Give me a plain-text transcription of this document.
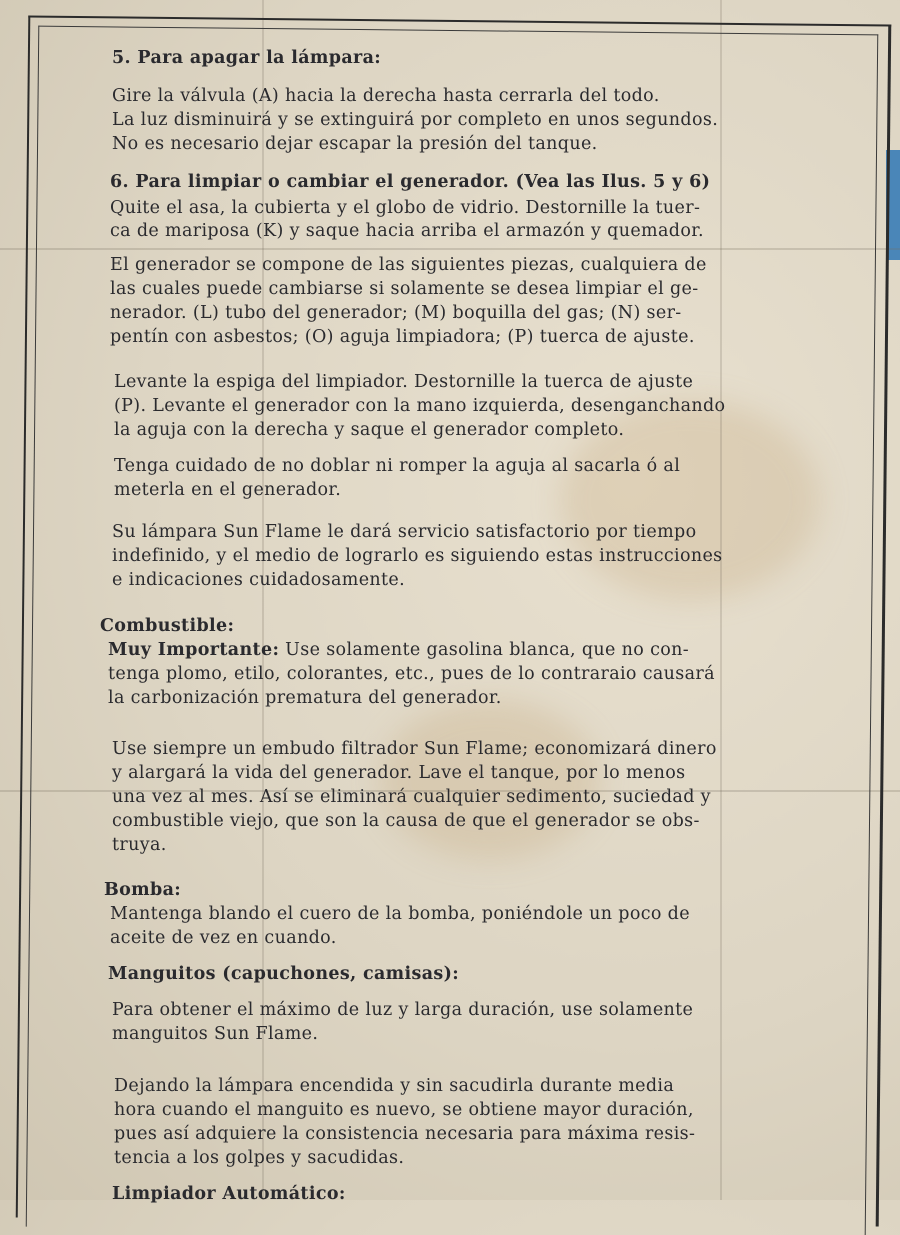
5. Para apagar la lámpara:
Gire la válvula (A) hacia la derecha hasta cerrarla del todo.
La luz disminuirá y se extinguirá por completo en unos segundos.
No es necesario dejar escapar la presión del tanque.
6. Para limpiar o cambiar el generador. (Vea las Ilus. 5 y 6)
Quite el asa, la cubierta y el globo de vidrio. Destornille la tuer-
ca de mariposa (K) y saque hacia arriba el armazón y quemador.
El generador se compone de las siguientes piezas, cualquiera de
las cuales puede cambiarse si solamente se desea limpiar el ge-
nerador. (L) tubo del generador; (M) boquilla del gas; (N) ser-
pentín con asbestos; (O) aguja limpiadora; (P) tuerca de ajuste.
Levante la espiga del limpiador. Destornille la tuerca de ajuste
(P). Levante el generador con la mano izquierda, desenganchando
la aguja con la derecha y saque el generador completo.
Tenga cuidado de no doblar ni romper la aguja al sacarla ó al
meterla en el generador.
Su lámpara Sun Flame le dará servicio satisfactorio por tiempo
indefinido, y el medio de lograrlo es siguiendo estas instrucciones
e indicaciones cuidadosamente.
Combustible:
Muy Importante: Use solamente gasolina blanca, que no con-
tenga plomo, etilo, colorantes, etc., pues de lo contraraio causará
la carbonización prematura del generador.
Use siempre un embudo filtrador Sun Flame; economizará dinero
y alargará la vida del generador. Lave el tanque, por lo menos
una vez al mes. Así se eliminará cualquier sedimento, suciedad y
combustible viejo, que son la causa de que el generador se obs-
truya.
Bomba:
Mantenga blando el cuero de la bomba, poniéndole un poco de
aceite de vez en cuando.
Manguitos (capuchones, camisas):
Para obtener el máximo de luz y larga duración, use solamente
manguitos Sun Flame.
Dejando la lámpara encendida y sin sacudirla durante media
hora cuando el manguito es nuevo, se obtiene mayor duración,
pues así adquiere la consistencia necesaria para máxima resis-
tencia a los golpes y sacudidas.
Limpiador Automático:
